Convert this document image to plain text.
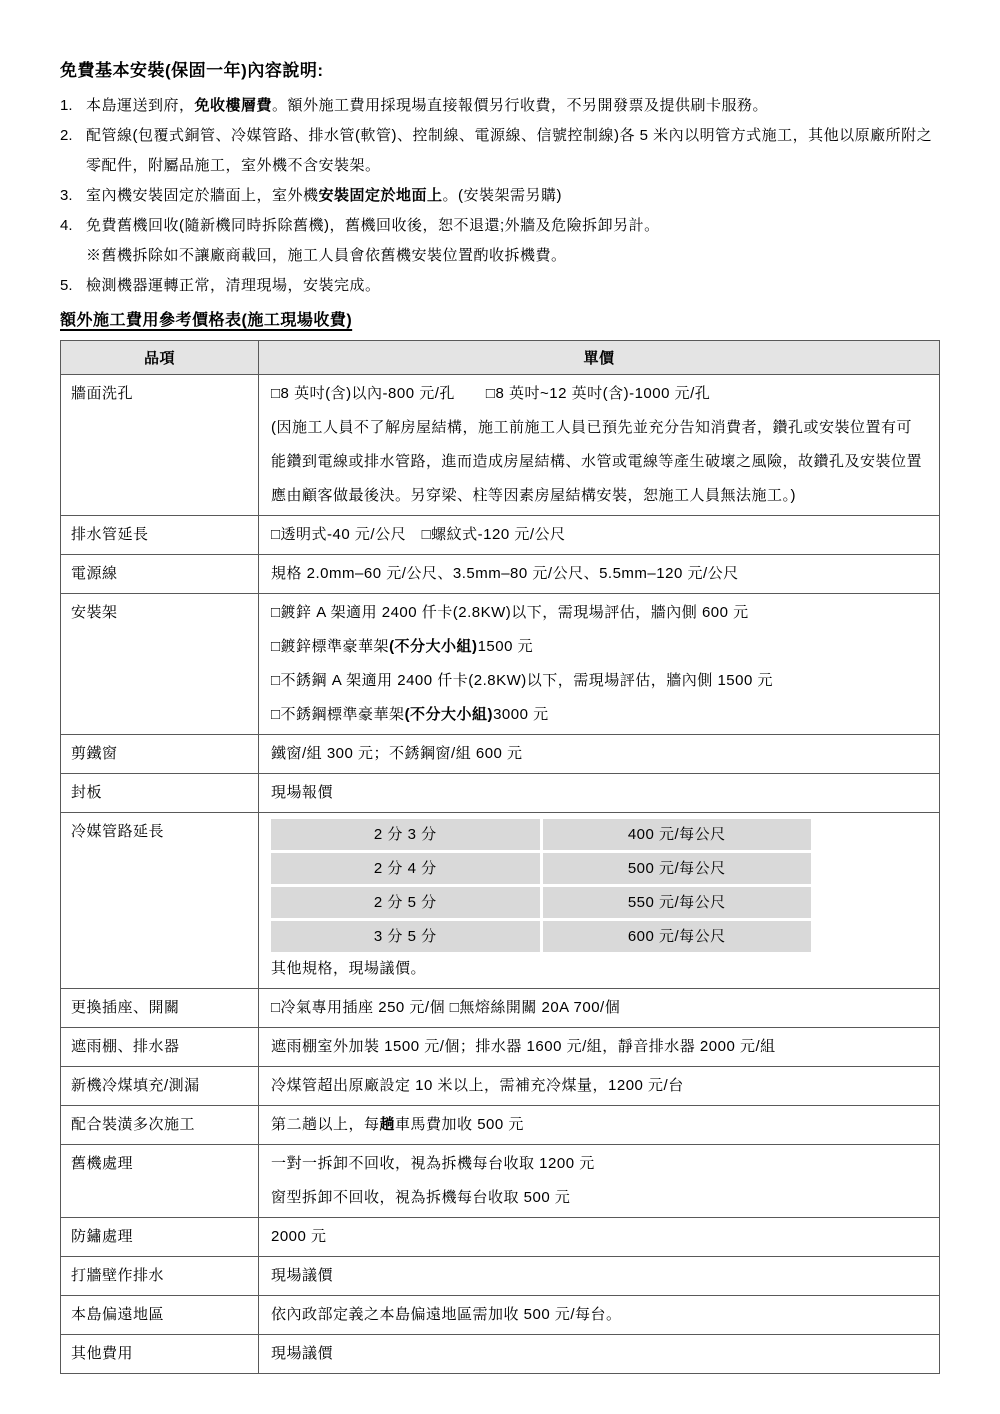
免費基本安裝(保固一年)內容說明:
1. 本島運送到府，免收樓層費。額外施工費用採現場直接報價另行收費，不另開發票及提供刷卡服務。
2. 配管線(包覆式銅管、冷媒管路、排水管(軟管)、控制線、電源線、信號控制線)各 5 米內以明管方式施工，其他以原廠所附之零配件，附屬品施工，室外機不含安裝架。
3. 室內機安裝固定於牆面上，室外機安裝固定於地面上。(安裝架需另購)
4. 免費舊機回收(隨新機同時拆除舊機)，舊機回收後，恕不退還;外牆及危險拆卸另計。
※舊機拆除如不讓廠商載回，施工人員會依舊機安裝位置酌收拆機費。
5. 檢測機器運轉正常，清理現場，安裝完成。
額外施工費用參考價格表(施工現場收費)
品項	單價
牆面洗孔	□8 英吋(含)以內-800 元/孔　　□8 英吋~12 英吋(含)-1000 元/孔
(因施工人員不了解房屋結構，施工前施工人員已預先並充分告知消費者，鑽孔或安裝位置有可能鑽到電線或排水管路，進而造成房屋結構、水管或電線等產生破壞之風險，故鑽孔及安裝位置應由顧客做最後決。另穿梁、柱等因素房屋結構安裝，恕施工人員無法施工。)

排水管延長	□透明式-40 元/公尺　□螺紋式-120 元/公尺

電源線	規格 2.0mm–60 元/公尺、3.5mm–80 元/公尺、5.5mm–120 元/公尺

安裝架	□鍍鋅 A 架適用 2400 仟卡(2.8KW)以下，需現場評估，牆內側 600 元
□鍍鋅標準豪華架(不分大小組)1500 元
□不銹鋼 A 架適用 2400 仟卡(2.8KW)以下，需現場評估，牆內側 1500 元
□不銹鋼標準豪華架(不分大小組)3000 元

剪鐵窗	鐵窗/組 300 元；不銹鋼窗/組 600 元

封板	現場報價

冷媒管路延長	2 分 3 分	400 元/每公尺
2 分 4 分	500 元/每公尺
2 分 5 分	550 元/每公尺
3 分 5 分	600 元/每公尺
其他規格，現場議價。

更換插座、開關	□冷氣專用插座 250 元/個 □無熔絲開關 20A 700/個

遮雨棚、排水器	遮雨棚室外加裝 1500 元/個；排水器 1600 元/組，靜音排水器 2000 元/組

新機冷煤填充/測漏	冷煤管超出原廠設定 10 米以上，需補充冷煤量，1200 元/台

配合裝潢多次施工	第二趟以上，每趟車馬費加收 500 元

舊機處理	一對一拆卸不回收，視為拆機每台收取 1200 元
窗型拆卸不回收，視為拆機每台收取 500 元

防鏽處理	2000 元

打牆壁作排水	現場議價

本島偏遠地區	依內政部定義之本島偏遠地區需加收 500 元/每台。

其他費用	現場議價
